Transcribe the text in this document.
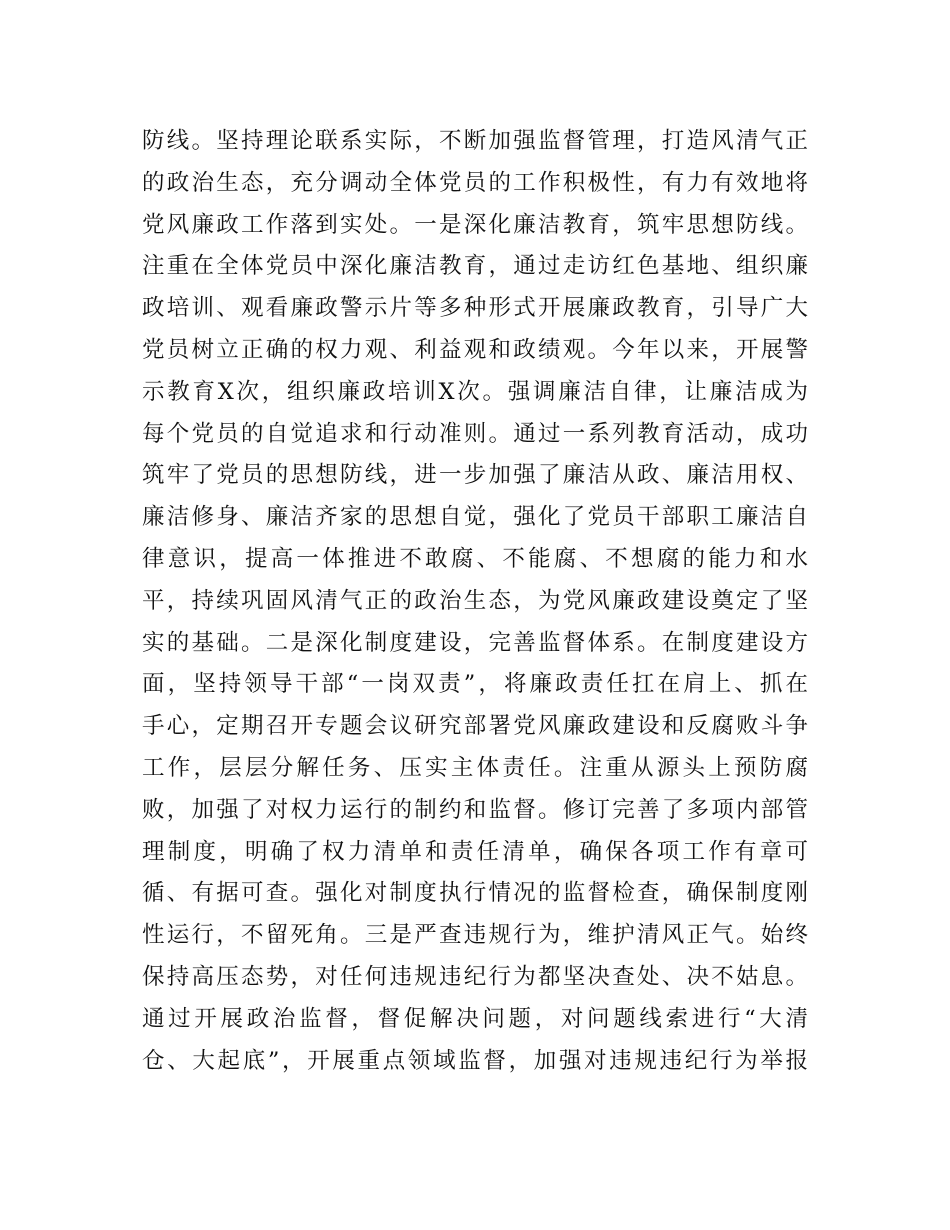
防线。坚持理论联系实际，不断加强监督管理，打造风清气正
的政治生态，充分调动全体党员的工作积极性，有力有效地将
党风廉政工作落到实处。一是深化廉洁教育，筑牢思想防线。
注重在全体党员中深化廉洁教育，通过走访红色基地、组织廉
政培训、观看廉政警示片等多种形式开展廉政教育，引导广大
党员树立正确的权力观、利益观和政绩观。今年以来，开展警
示教育X次，组织廉政培训X次。强调廉洁自律，让廉洁成为
每个党员的自觉追求和行动准则。通过一系列教育活动，成功
筑牢了党员的思想防线，进一步加强了廉洁从政、廉洁用权、
廉洁修身、廉洁齐家的思想自觉，强化了党员干部职工廉洁自
律意识，提高一体推进不敢腐、不能腐、不想腐的能力和水
平，持续巩固风清气正的政治生态，为党风廉政建设奠定了坚
实的基础。二是深化制度建设，完善监督体系。在制度建设方
面，坚持领导干部“一岗双责”，将廉政责任扛在肩上、抓在
手心，定期召开专题会议研究部署党风廉政建设和反腐败斗争
工作，层层分解任务、压实主体责任。注重从源头上预防腐
败，加强了对权力运行的制约和监督。修订完善了多项内部管
理制度，明确了权力清单和责任清单，确保各项工作有章可
循、有据可查。强化对制度执行情况的监督检查，确保制度刚
性运行，不留死角。三是严查违规行为，维护清风正气。始终
保持高压态势，对任何违规违纪行为都坚决查处、决不姑息。
通过开展政治监督，督促解决问题，对问题线索进行“大清
仓、大起底”，开展重点领域监督，加强对违规违纪行为举报
